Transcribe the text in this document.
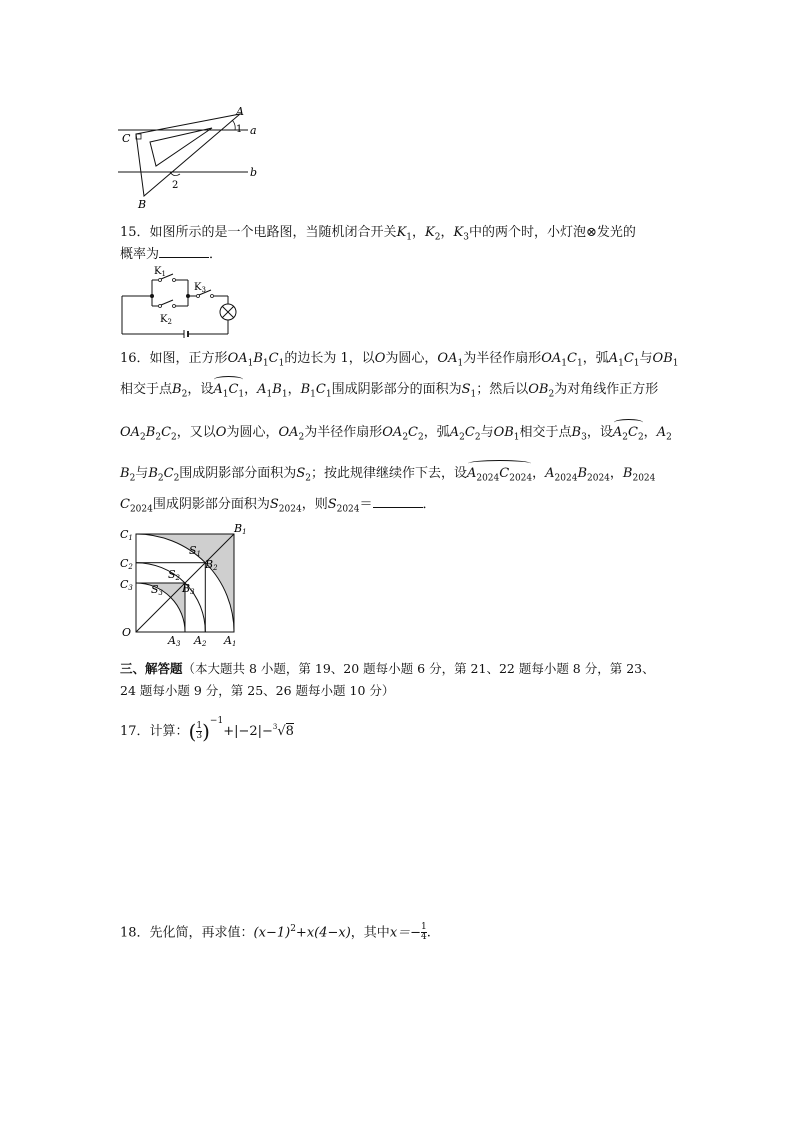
A
C
B
1
2
a
b
15．如图所示的是一个电路图，当随机闭合开关$K_1$，$K_2$，$K_3$中的两个时，小灯泡⊗发光的
概率为	．
$K_1$
$K_2$
$K_3$
16．如图，正方形$OA_1B_1C_1$的边长为 1，以O为圆心，$OA_1$为半径作扇形$OA_1C_1$，弧$A_1C_1$与$OB_1$
相交于点$B_2$，设$A_1C_1$，$A_1B_1$，$B_1C_1$围成阴影部分的面积为$S_1$；然后以$OB_2$为对角线作正方形
$OA_2B_2C_2$，又以O为圆心，$OA_2$为半径作扇形$OA_2C_2$，弧$A_2C_2$与$OB_1$相交于点$B_3$，设$A_2C_2$，$A_2$
$B_2$与$B_2C_2$围成阴影部分面积为$S_2$；按此规律继续作下去，设$A_{2024}C_{2024}$，$A_{2024}B_{2024}$，$B_{2024}$
$C_{2024}$围成阴影部分面积为$S_{2024}$，则$S_{2024}=$	．
C1
C2
C3
B1
B2
B3
S1
S2
S3
O
A3 A2 A1
三、解答题（本大题共 8 小题，第 19、20 题每小题 6 分，第 21、22 题每小题 8 分，第 23、
24 题每小题 9 分，第 25、26 题每小题 10 分）
17．计算：( $\frac{1}{3} )^{-1}+|-2|-^3√8$
18．先化简，再求值：$(x-1)^2+x(4-x)$，其中$x=- \frac{1}{4}$ .
